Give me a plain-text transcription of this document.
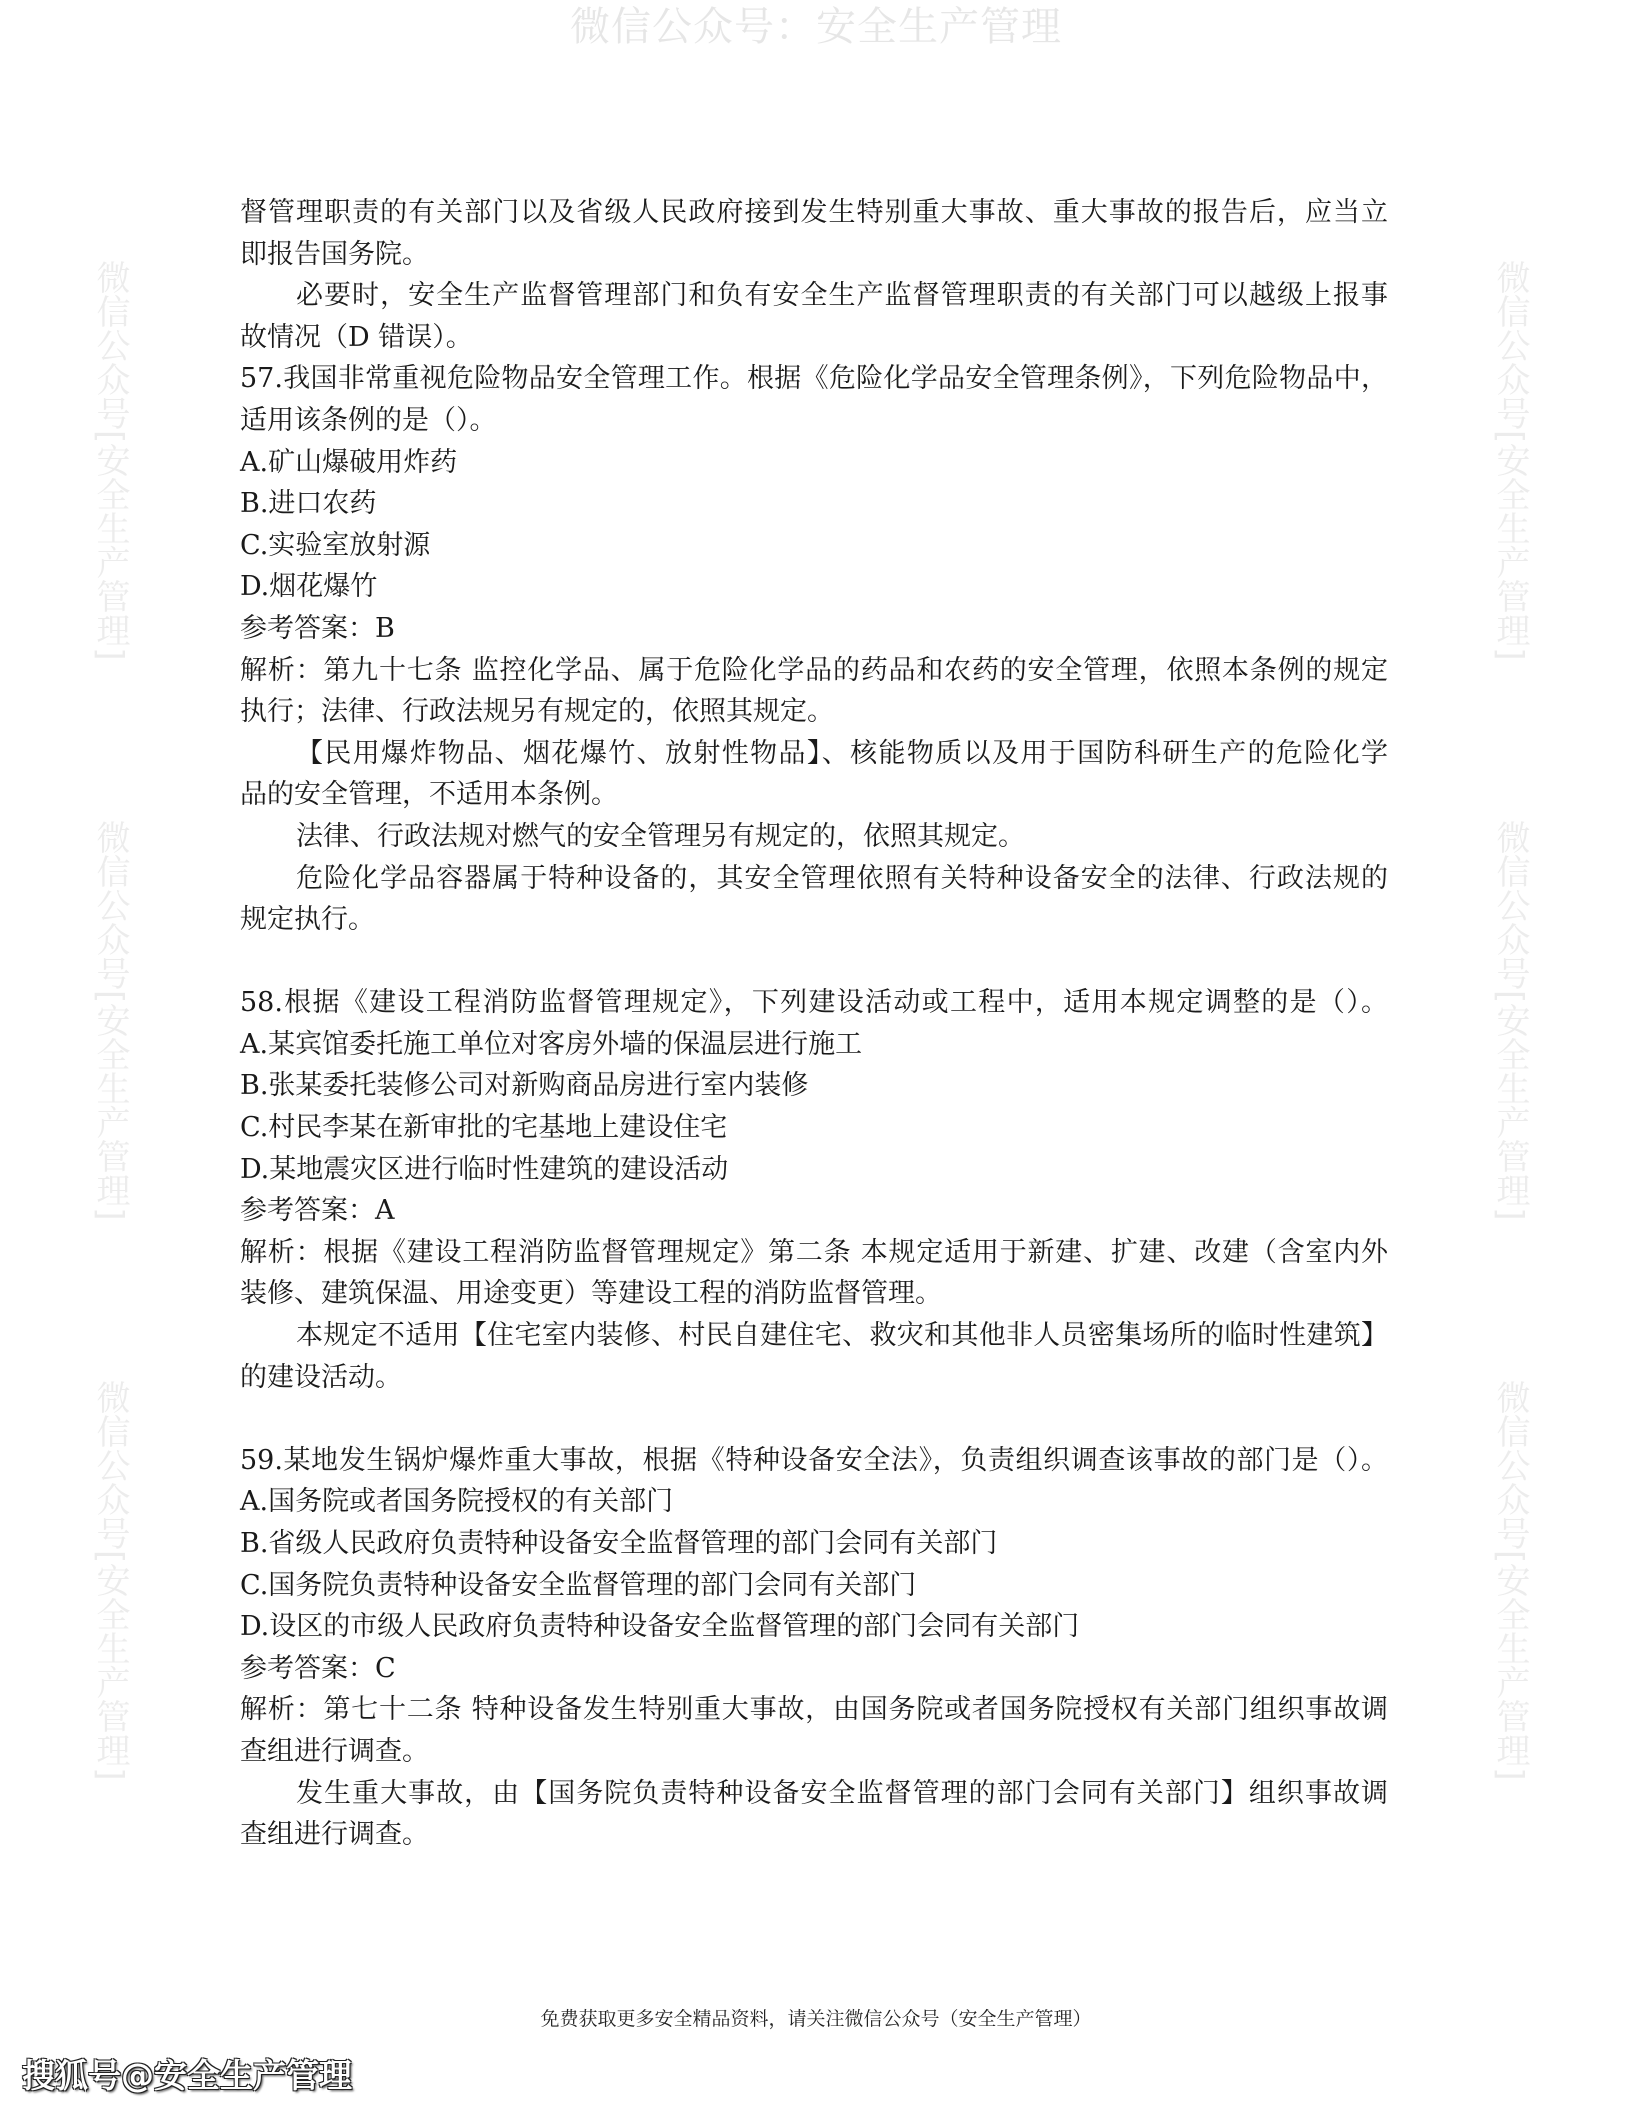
微信公众号：安全生产管理
微信公众号[安全生产管理]
微信公众号[安全生产管理]
微信公众号[安全生产管理]
微信公众号[安全生产管理]
微信公众号[安全生产管理]
微信公众号[安全生产管理]
督管理职责的有关部门以及省级人民政府接到发生特别重大事故、重大事故的报告后，应当立
即报告国务院。
必要时，安全生产监督管理部门和负有安全生产监督管理职责的有关部门可以越级上报事
故情况（D 错误）。
57.我国非常重视危险物品安全管理工作。根据《危险化学品安全管理条例》，下列危险物品中，
适用该条例的是（）。
A.矿山爆破用炸药
B.进口农药
C.实验室放射源
D.烟花爆竹
参考答案：B
解析：第九十七条 监控化学品、属于危险化学品的药品和农药的安全管理，依照本条例的规定
执行；法律、行政法规另有规定的，依照其规定。
【民用爆炸物品、烟花爆竹、放射性物品】、核能物质以及用于国防科研生产的危险化学
品的安全管理，不适用本条例。
法律、行政法规对燃气的安全管理另有规定的，依照其规定。
危险化学品容器属于特种设备的，其安全管理依照有关特种设备安全的法律、行政法规的
规定执行。
58.根据《建设工程消防监督管理规定》，下列建设活动或工程中，适用本规定调整的是（）。
A.某宾馆委托施工单位对客房外墙的保温层进行施工
B.张某委托装修公司对新购商品房进行室内装修
C.村民李某在新审批的宅基地上建设住宅
D.某地震灾区进行临时性建筑的建设活动
参考答案：A
解析：根据《建设工程消防监督管理规定》第二条 本规定适用于新建、扩建、改建（含室内外
装修、建筑保温、用途变更）等建设工程的消防监督管理。
本规定不适用【住宅室内装修、村民自建住宅、救灾和其他非人员密集场所的临时性建筑】
的建设活动。
59.某地发生锅炉爆炸重大事故，根据《特种设备安全法》，负责组织调查该事故的部门是（）。
A.国务院或者国务院授权的有关部门
B.省级人民政府负责特种设备安全监督管理的部门会同有关部门
C.国务院负责特种设备安全监督管理的部门会同有关部门
D.设区的市级人民政府负责特种设备安全监督管理的部门会同有关部门
参考答案：C
解析：第七十二条 特种设备发生特别重大事故，由国务院或者国务院授权有关部门组织事故调
查组进行调查。
发生重大事故，由【国务院负责特种设备安全监督管理的部门会同有关部门】组织事故调
查组进行调查。
免费获取更多安全精品资料，请关注微信公众号（安全生产管理）
搜狐号@安全生产管理
